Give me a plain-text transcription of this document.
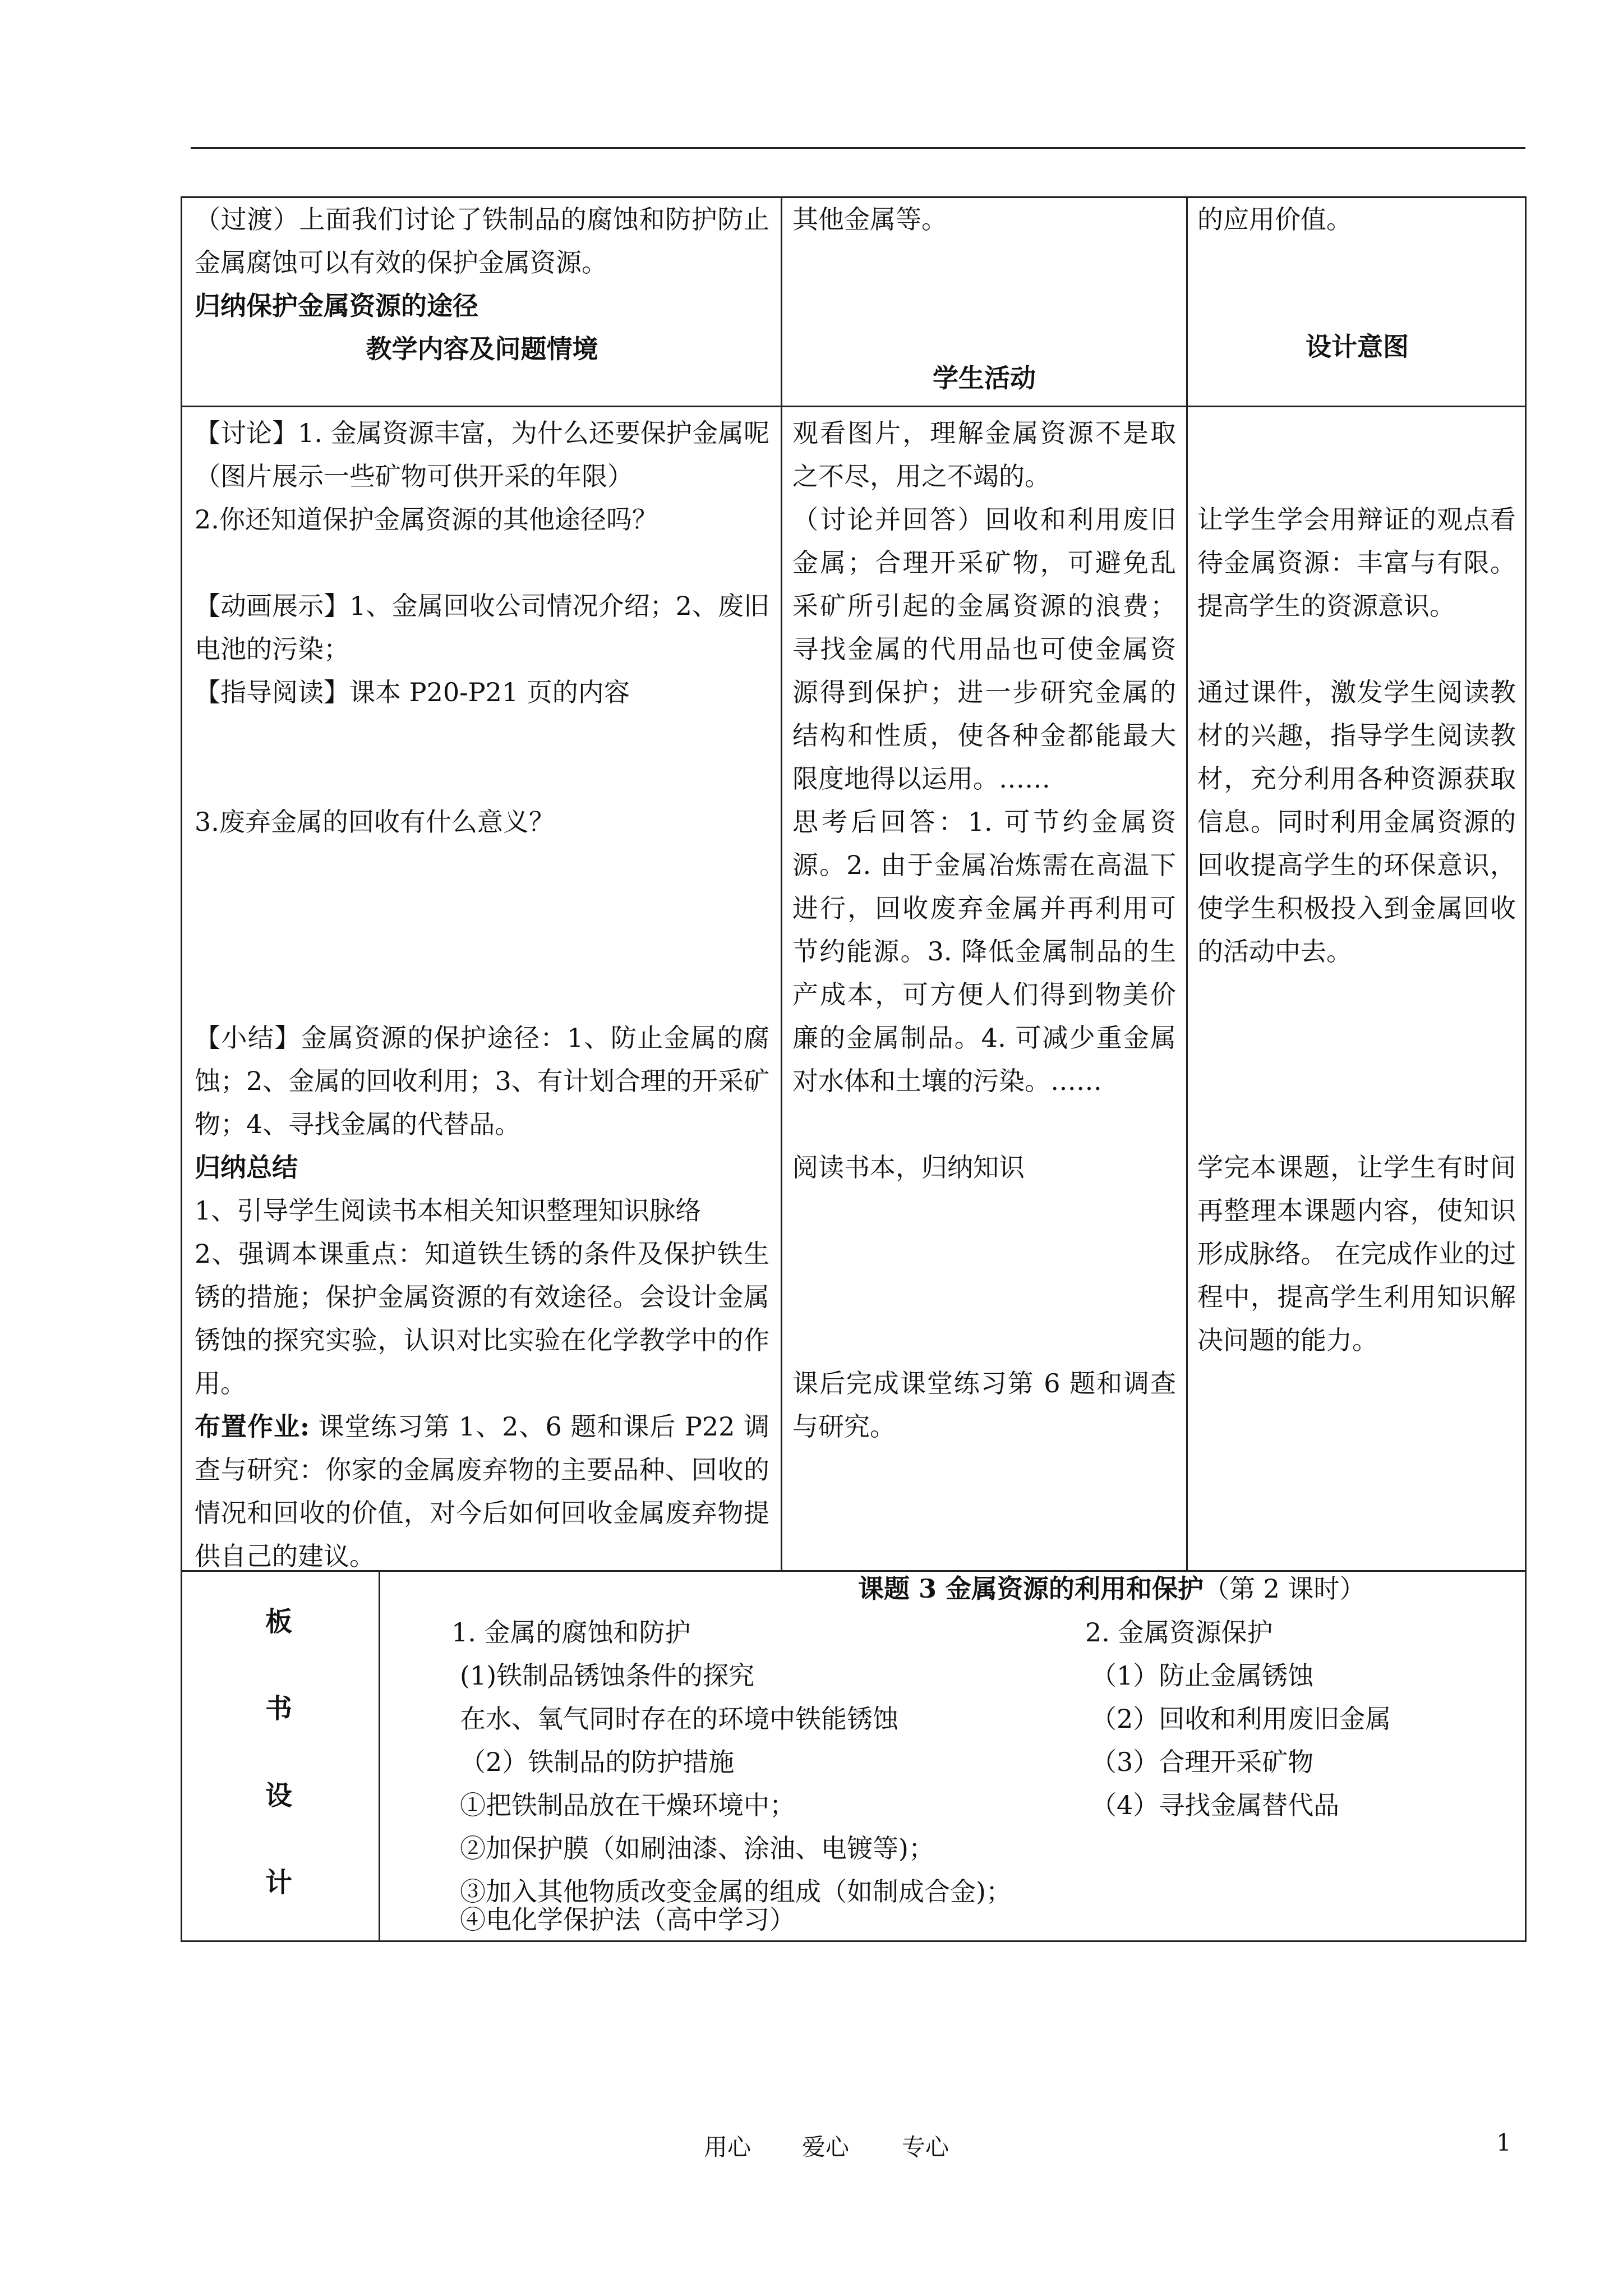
（过渡）上面我们讨论了铁制品的腐蚀和防护防止金属腐蚀可以有效的保护金属资源。

归纳保护金属资源的途径

教学内容及问题情境

其他金属等。

学生活动

的应用价值。

设计意图

【讨论】1. 金属资源丰富，为什么还要保护金属呢（图片展示一些矿物可供开采的年限）

2.你还知道保护金属资源的其他途径吗？

【动画展示】1、金属回收公司情况介绍；2、废旧电池的污染；

【指导阅读】课本 P20-P21 页的内容

3.废弃金属的回收有什么意义？

【小结】金属资源的保护途径：1、防止金属的腐蚀；2、金属的回收利用；3、有计划合理的开采矿物；4、寻找金属的代替品。

归纳总结

1、引导学生阅读书本相关知识整理知识脉络

2、强调本课重点：知道铁生锈的条件及保护铁生锈的措施；保护金属资源的有效途径。会设计金属锈蚀的探究实验，认识对比实验在化学教学中的作用。

布置作业: 课堂练习第 1、2、6 题和课后 P22 调查与研究：你家的金属废弃物的主要品种、回收的情况和回收的价值，对今后如何回收金属废弃物提供自己的建议。

观看图片，理解金属资源不是取之不尽，用之不竭的。

（讨论并回答）回收和利用废旧金属；合理开采矿物，可避免乱采矿所引起的金属资源的浪费；寻找金属的代用品也可使金属资源得到保护；进一步研究金属的结构和性质，使各种金都能最大限度地得以运用。……

思考后回答：1. 可节约金属资源。2. 由于金属冶炼需在高温下进行，回收废弃金属并再利用可节约能源。3. 降低金属制品的生产成本，可方便人们得到物美价廉的金属制品。4. 可减少重金属对水体和土壤的污染。……

阅读书本，归纳知识

课后完成课堂练习第 6 题和调查与研究。

让学生学会用辩证的观点看待金属资源：丰富与有限。提高学生的资源意识。

通过课件，激发学生阅读教材的兴趣，指导学生阅读教材，充分利用各种资源获取信息。同时利用金属资源的回收提高学生的环保意识，使学生积极投入到金属回收的活动中去。

学完本课题，让学生有时间再整理本课题内容，使知识形成脉络。 在完成作业的过程中，提高学生利用知识解决问题的能力。

板
书
设
计
课题 3 金属资源的利用和保护（第 2 课时）
1. 金属的腐蚀和防护
(1)铁制品锈蚀条件的探究
在水、氧气同时存在的环境中铁能锈蚀
（2）铁制品的防护措施
①把铁制品放在干燥环境中；
②加保护膜（如刷油漆、涂油、电镀等)；
③加入其他物质改变金属的组成（如制成合金)；
④电化学保护法（高中学习）
2. 金属资源保护
（1）防止金属锈蚀
（2）回收和利用废旧金属
（3）合理开采矿物
（4）寻找金属替代品
用心 爱心 专心	1
